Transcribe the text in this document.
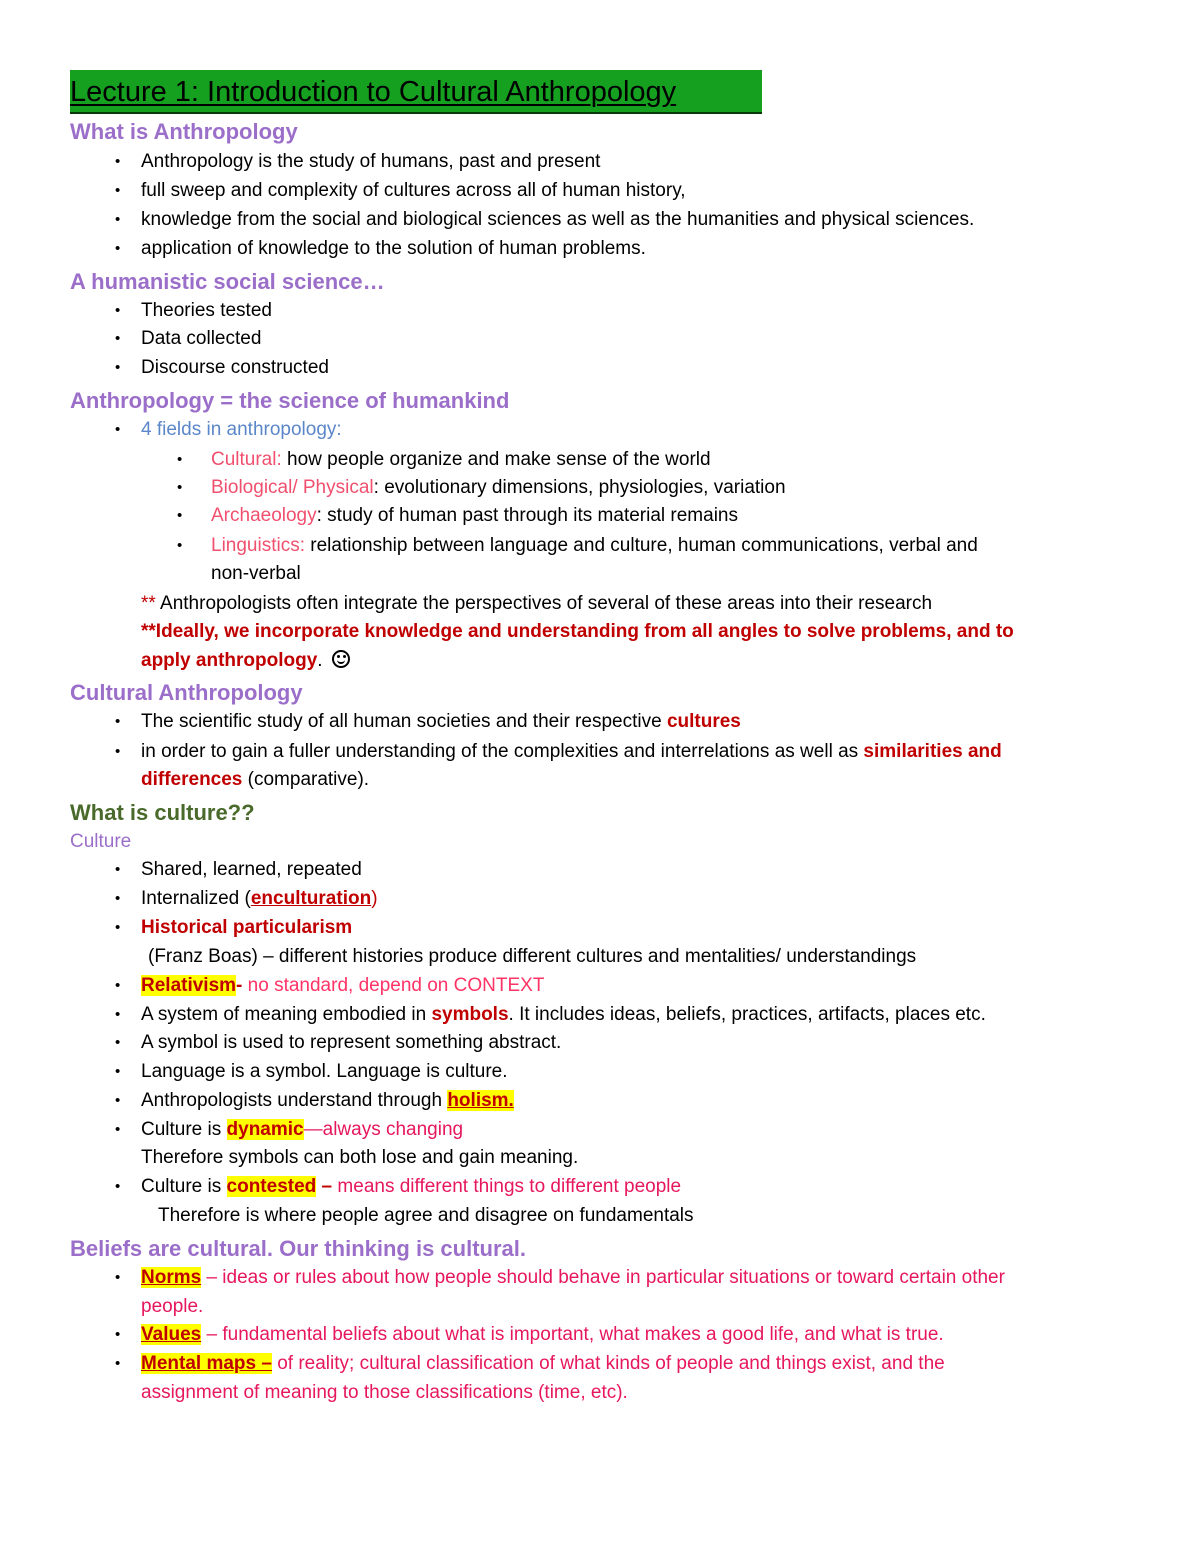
Lecture 1: Introduction to Cultural Anthropology
What is Anthropology
• Anthropology is the study of humans, past and present
• full sweep and complexity of cultures across all of human history,
• knowledge from the social and biological sciences as well as the humanities and physical sciences.
• application of knowledge to the solution of human problems.
A humanistic social science…
• Theories tested
• Data collected
• Discourse constructed
Anthropology = the science of humankind
• 4 fields in anthropology:
• Cultural: how people organize and make sense of the world
• Biological/ Physical: evolutionary dimensions, physiologies, variation
• Archaeology: study of human past through its material remains
• Linguistics: relationship between language and culture, human communications, verbal and
non-verbal
** Anthropologists often integrate the perspectives of several of these areas into their research
**Ideally, we incorporate knowledge and understanding from all angles to solve problems, and to
apply anthropology.
Cultural Anthropology
• The scientific study of all human societies and their respective cultures
• in order to gain a fuller understanding of the complexities and interrelations as well as similarities and
differences (comparative).
What is culture??
Culture
• Shared, learned, repeated
• Internalized (enculturation)
• Historical particularism
(Franz Boas) – different histories produce different cultures and mentalities/ understandings
• Relativism- no standard, depend on CONTEXT
• A system of meaning embodied in symbols. It includes ideas, beliefs, practices, artifacts, places etc.
• A symbol is used to represent something abstract.
• Language is a symbol. Language is culture.
• Anthropologists understand through holism.
• Culture is dynamic—always changing
Therefore symbols can both lose and gain meaning.
• Culture is contested – means different things to different people
Therefore is where people agree and disagree on fundamentals
Beliefs are cultural. Our thinking is cultural.
• Norms – ideas or rules about how people should behave in particular situations or toward certain other
people.
• Values – fundamental beliefs about what is important, what makes a good life, and what is true.
• Mental maps – of reality; cultural classification of what kinds of people and things exist, and the
assignment of meaning to those classifications (time, etc).
